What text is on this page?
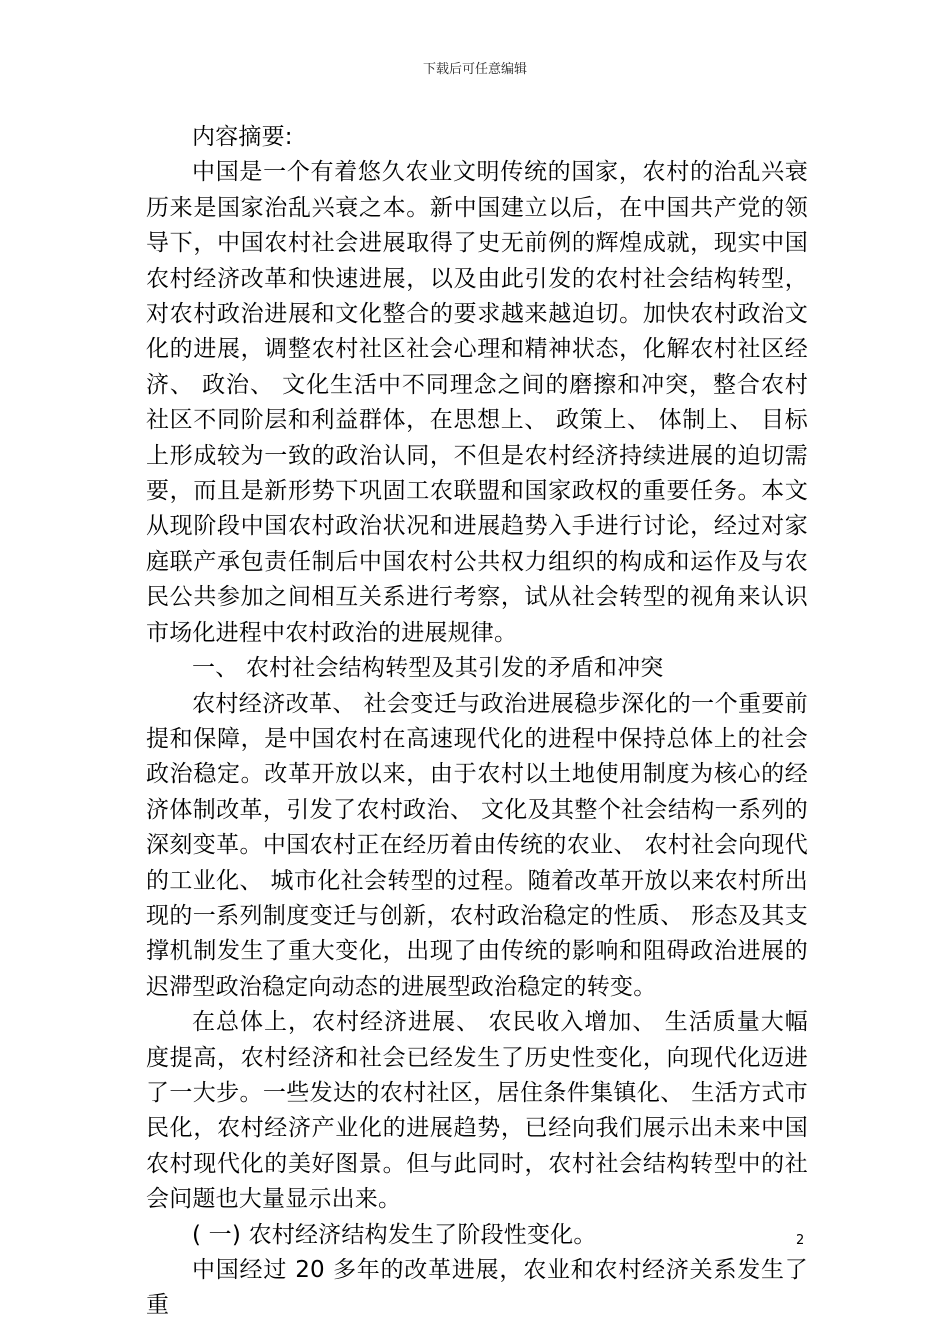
下载后可任意编辑

内容摘要:

中国是一个有着悠久农业文明传统的国家，农村的治乱兴衰历来是国家治乱兴衰之本。新中国建立以后，在中国共产党的领导下，中国农村社会进展取得了史无前例的辉煌成就，现实中国农村经济改革和快速进展，以及由此引发的农村社会结构转型，对农村政治进展和文化整合的要求越来越迫切。加快农村政治文化的进展，调整农村社区社会心理和精神状态，化解农村社区经济、 政治、 文化生活中不同理念之间的磨擦和冲突，整合农村社区不同阶层和利益群体，在思想上、 政策上、 体制上、 目标上形成较为一致的政治认同，不但是农村经济持续进展的迫切需要，而且是新形势下巩固工农联盟和国家政权的重要任务。本文从现阶段中国农村政治状况和进展趋势入手进行讨论，经过对家庭联产承包责任制后中国农村公共权力组织的构成和运作及与农民公共参加之间相互关系进行考察，试从社会转型的视角来认识市场化进程中农村政治的进展规律。

一、 农村社会结构转型及其引发的矛盾和冲突

农村经济改革、 社会变迁与政治进展稳步深化的一个重要前提和保障，是中国农村在高速现代化的进程中保持总体上的社会政治稳定。改革开放以来，由于农村以土地使用制度为核心的经济体制改革，引发了农村政治、 文化及其整个社会结构一系列的深刻变革。中国农村正在经历着由传统的农业、 农村社会向现代的工业化、 城市化社会转型的过程。随着改革开放以来农村所出现的一系列制度变迁与创新，农村政治稳定的性质、 形态及其支撑机制发生了重大变化，出现了由传统的影响和阻碍政治进展的迟滞型政治稳定向动态的进展型政治稳定的转变。

在总体上，农村经济进展、 农民收入增加、 生活质量大幅度提高，农村经济和社会已经发生了历史性变化，向现代化迈进了一大步。一些发达的农村社区，居住条件集镇化、 生活方式市民化，农村经济产业化的进展趋势，已经向我们展示出未来中国农村现代化的美好图景。但与此同时，农村社会结构转型中的社会问题也大量显示出来。

( 一) 农村经济结构发生了阶段性变化。

中国经过 20 多年的改革进展，农业和农村经济关系发生了重

2
